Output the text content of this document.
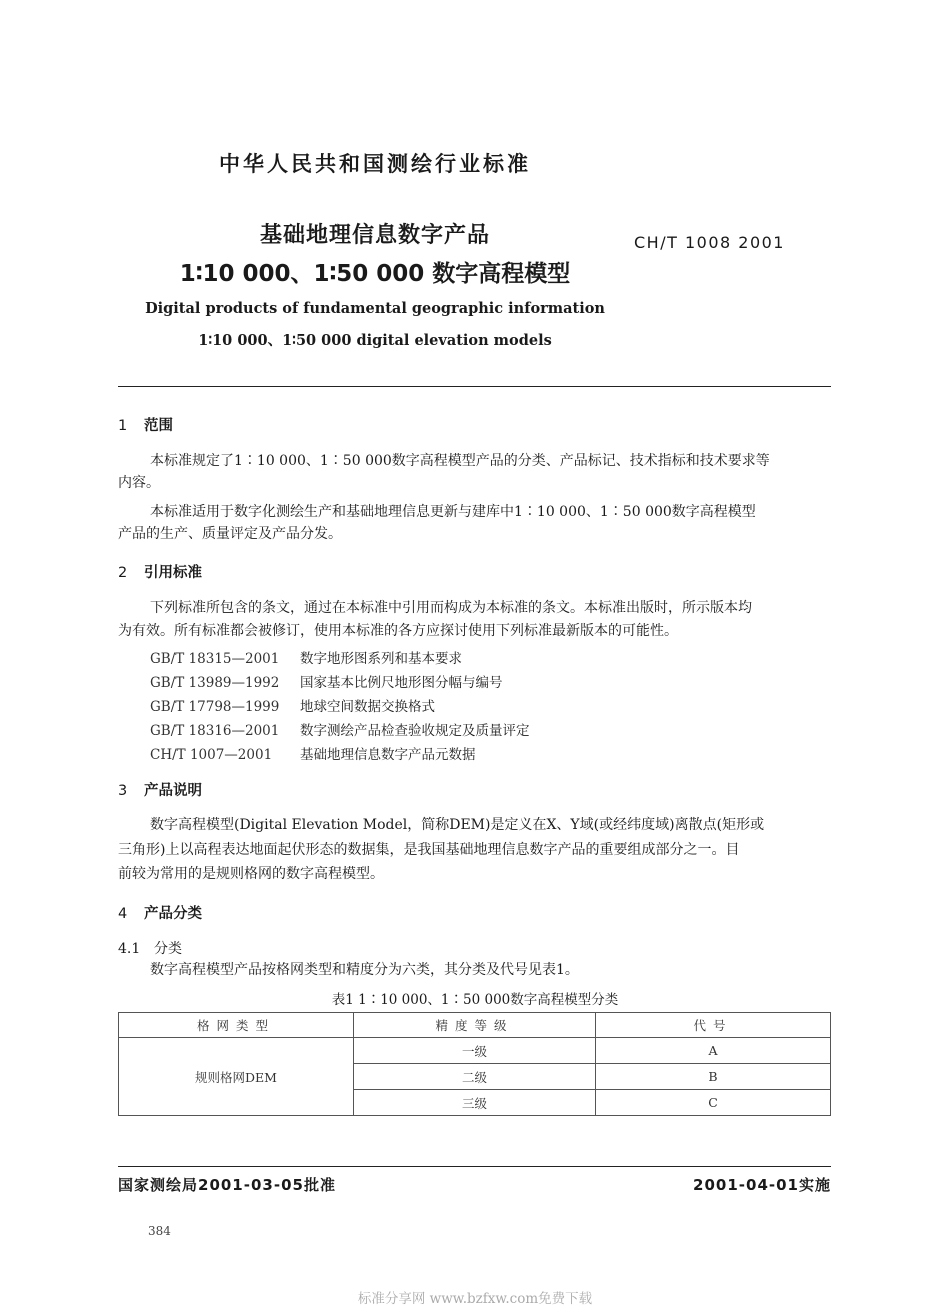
中华人民共和国测绘行业标准
基础地理信息数字产品
1∶10 000、1∶50 000 数字高程模型
CH/T 1008 2001
Digital products of fundamental geographic information
1∶10 000、1∶50 000 digital elevation models
1 范围
本标准规定了1∶10 000、1∶50 000数字高程模型产品的分类、产品标记、技术指标和技术要求等
内容。
本标准适用于数字化测绘生产和基础地理信息更新与建库中1∶10 000、1∶50 000数字高程模型
产品的生产、质量评定及产品分发。
2 引用标准
下列标准所包含的条文，通过在本标准中引用而构成为本标准的条文。本标准出版时，所示版本均
为有效。所有标准都会被修订，使用本标准的各方应探讨使用下列标准最新版本的可能性。
GB/T 18315—2001 数字地形图系列和基本要求
GB/T 13989—1992 国家基本比例尺地形图分幅与编号
GB/T 17798—1999 地球空间数据交换格式
GB/T 18316—2001 数字测绘产品检查验收规定及质量评定
CH/T 1007—2001 基础地理信息数字产品元数据
3 产品说明
数字高程模型(Digital Elevation Model，简称DEM)是定义在X、Y域(或经纬度域)离散点(矩形或
三角形)上以高程表达地面起伏形态的数据集，是我国基础地理信息数字产品的重要组成部分之一。目
前较为常用的是规则格网的数字高程模型。
4 产品分类
4.1 分类
数字高程模型产品按格网类型和精度分为六类，其分类及代号见表1。
表1 1∶10 000、1∶50 000数字高程模型分类
格网类型	精度等级	代号
规则格网DEM	一级	A
	二级	B
	三级	C
国家测绘局2001-03-05批准	2001-04-01实施
384
标准分享网 www.bzfxw.com免费下载
